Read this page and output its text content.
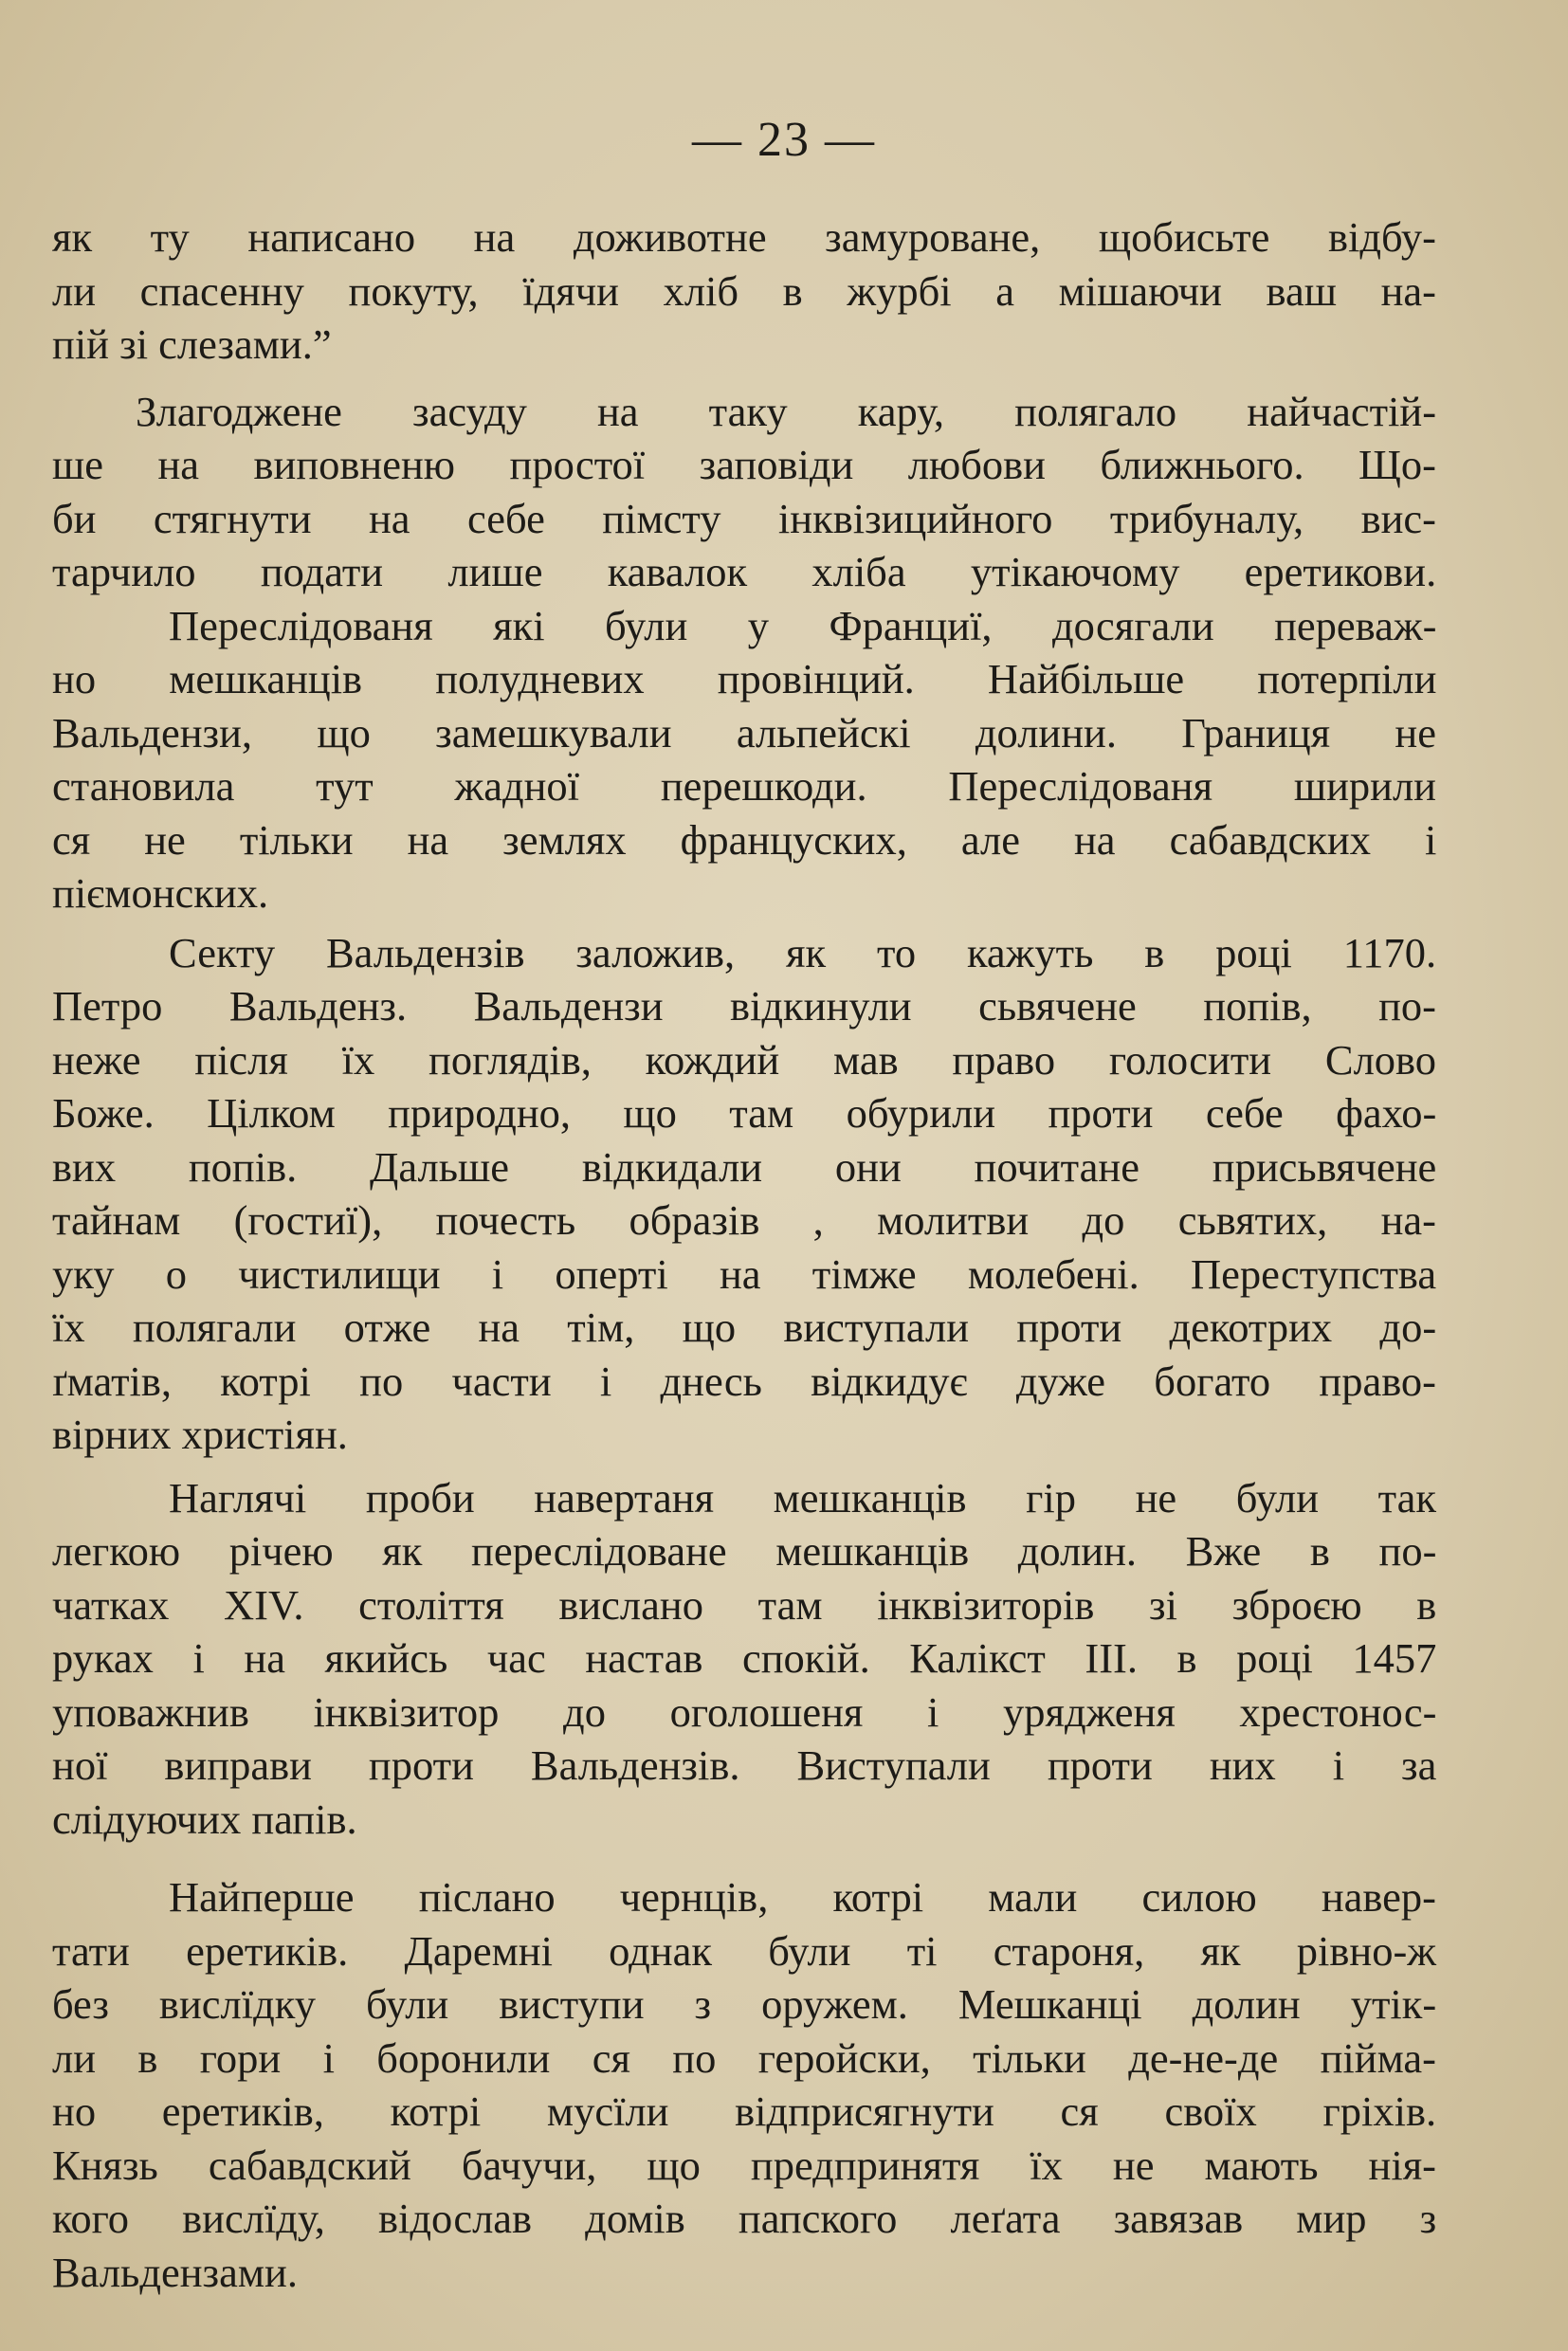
— 23 —
як ту написано на доживотне замуроване, щобисьте відбу-
ли спасенну покуту, їдячи хліб в журбі а мішаючи ваш на-
пій зі слезами.”
Злагоджене засуду на таку кару, полягало найчастій-
ше на виповненю простої заповіди любови ближнього. Що-
би стягнути на себе пімсту інквізицийного трибуналу, вис-
тарчило подати лише кавалок хліба утікаючому еретикови.
Переслідованя які були у Франциї, досягали переваж-
но мешканців полудневих провінций. Найбільше потерпіли
Вальдензи, що замешкували альпейскі долини. Границя не
становила тут жадної перешкоди. Переслідованя ширили
ся не тільки на землях францускиx, але на сабавдских і
піємонских.
Секту Вальдензів заложив, як то кажуть в році 1170.
Петро Вальденз. Вальдензи відкинули сьвячене попів, по-
неже після їх поглядів, кождий мав право голосити Слово
Боже. Цілком природно, що там обурили проти себе фахо-
вих попів. Дальше відкидали они почитане присьвячене
тайнам (гостиї), почесть образів , молитви до сьвятих, на-
уку о чистилищи і оперті на тімже молебені. Переступства
їх полягали отже на тім, що виступали проти декотрих до-
ґматів, котрі по части і днесь відкидує дуже богато право-
вірних христіян.
Наглячі проби навертаня мешканців гір не були так
легкою річею як переслідоване мешканців долин. Вже в по-
чатках XIV. століття вислано там інквізиторів зі зброєю в
руках і на якийсь час настав спокій. Калікст III. в році 1457
уповажнив інквізитор до оголошеня і урядженя хрестонос-
ної виправи проти Вальдензів. Виступали проти них і за
слідуючих папів.
Найперше післано чернців, котрі мали силою навер-
тати еретиків. Даремні однак були ті староня, як рівно-ж
без вислїдку були виступи з оружем. Мешканці долин утік-
ли в гори і боронили ся по геройски, тільки де-не-де пійма-
но еретиків, котрі мусїли відприсягнути ся своїх гріхів.
Князь сабавдский бачучи, що предпринятя їх не мають нія-
кого вислїду, відослав домів папского леґата завязав мир з
Вальдензами.
